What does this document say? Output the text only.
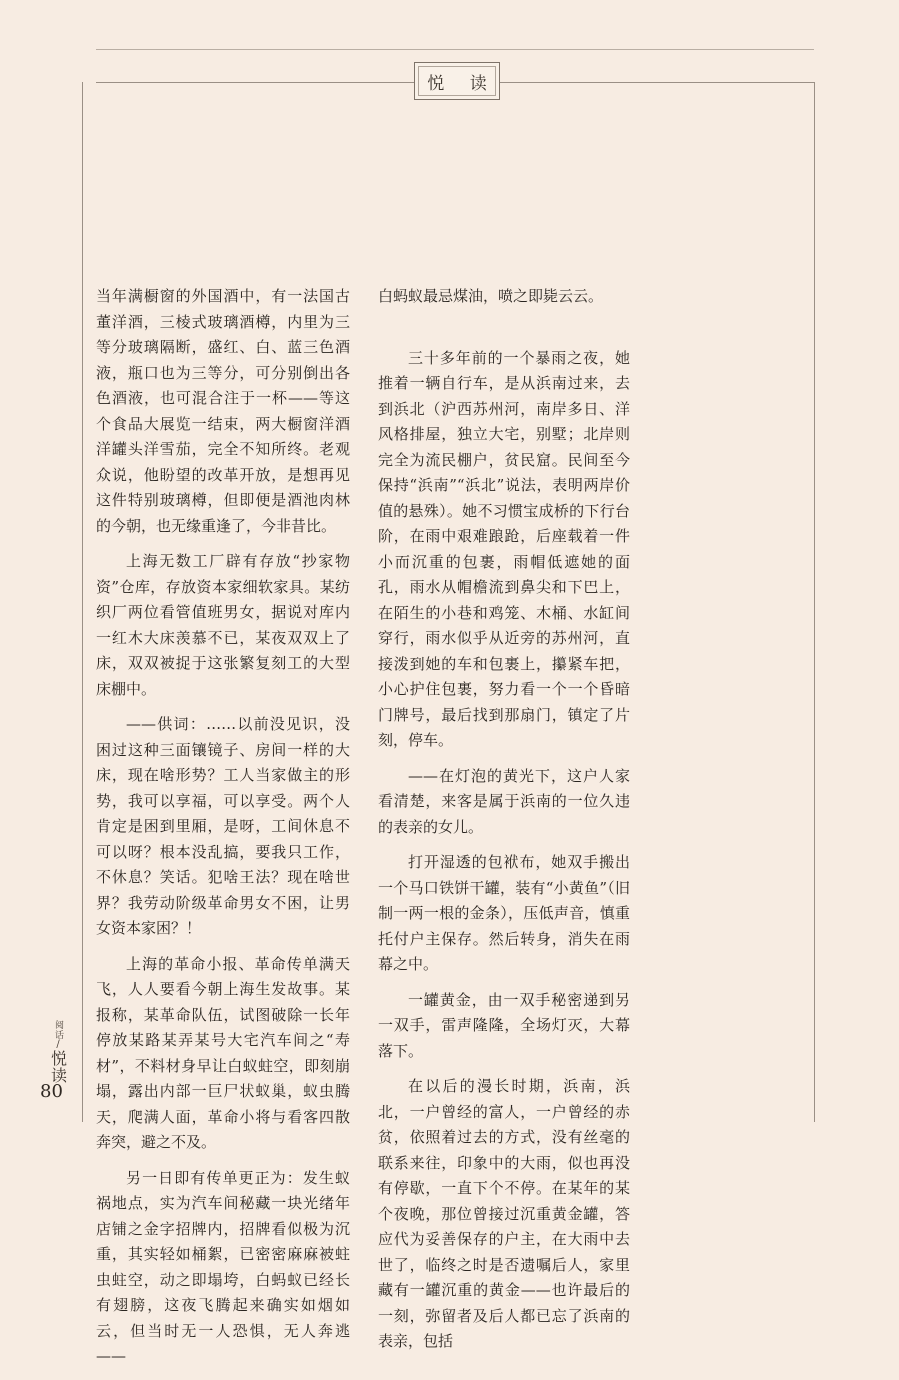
悦 读

当年满橱窗的外国酒中，有一法国古董洋酒，三棱式玻璃酒樽，内里为三等分玻璃隔断，盛红、白、蓝三色酒液，瓶口也为三等分，可分别倒出各色酒液，也可混合注于一杯——等这个食品大展览一结束，两大橱窗洋酒洋罐头洋雪茄，完全不知所终。老观众说，他盼望的改革开放，是想再见这件特别玻璃樽，但即便是酒池肉林的今朝，也无缘重逢了，今非昔比。

上海无数工厂辟有存放“抄家物资”仓库，存放资本家细软家具。某纺织厂两位看管值班男女，据说对库内一红木大床羡慕不已，某夜双双上了床，双双被捉于这张繁复刻工的大型床棚中。

——供词：……以前没见识，没困过这种三面镶镜子、房间一样的大床，现在啥形势？工人当家做主的形势，我可以享福，可以享受。两个人肯定是困到里厢，是呀，工间休息不可以呀？根本没乱搞，要我只工作，不休息？笑话。犯啥王法？现在啥世界？我劳动阶级革命男女不困，让男女资本家困？！

上海的革命小报、革命传单满天飞，人人要看今朝上海生发故事。某报称，某革命队伍，试图破除一长年停放某路某弄某号大宅汽车间之“寿材”，不料材身早让白蚁蛀空，即刻崩塌，露出内部一巨尸状蚁巢，蚁虫腾天，爬满人面，革命小将与看客四散奔突，避之不及。

另一日即有传单更正为：发生蚁祸地点，实为汽车间秘藏一块光绪年店铺之金字招牌内，招牌看似极为沉重，其实轻如桶絮，已密密麻麻被蛀虫蛀空，动之即塌垮，白蚂蚁已经长有翅膀，这夜飞腾起来确实如烟如云，但当时无一人恐惧，无人奔逃——

白蚂蚁最忌煤油，喷之即毙云云。

三十多年前的一个暴雨之夜，她推着一辆自行车，是从浜南过来，去到浜北（沪西苏州河，南岸多日、洋风格排屋，独立大宅，别墅；北岸则完全为流民棚户，贫民窟。民间至今保持“浜南”“浜北”说法，表明两岸价值的悬殊）。她不习惯宝成桥的下行台阶，在雨中艰难踉跄，后座载着一件小而沉重的包裹，雨帽低遮她的面孔，雨水从帽檐流到鼻尖和下巴上，在陌生的小巷和鸡笼、木桶、水缸间穿行，雨水似乎从近旁的苏州河，直接泼到她的车和包裹上，攥紧车把，小心护住包裹，努力看一个一个昏暗门牌号，最后找到那扇门，镇定了片刻，停车。

——在灯泡的黄光下，这户人家看清楚，来客是属于浜南的一位久违的表亲的女儿。

打开湿透的包袱布，她双手搬出一个马口铁饼干罐，装有“小黄鱼”（旧制一两一根的金条），压低声音，慎重托付户主保存。然后转身，消失在雨幕之中。

一罐黄金，由一双手秘密递到另一双手，雷声隆隆，全场灯灭，大幕落下。

在以后的漫长时期，浜南，浜北，一户曾经的富人，一户曾经的赤贫，依照着过去的方式，没有丝毫的联系来往，印象中的大雨，似也再没有停歇，一直下个不停。在某年的某个夜晚，那位曾接过沉重黄金罐，答应代为妥善保存的户主，在大雨中去世了，临终之时是否遗嘱后人，家里藏有一罐沉重的黄金——也许最后的一刻，弥留者及后人都已忘了浜南的表亲，包括

阅话
/
悦读
80
